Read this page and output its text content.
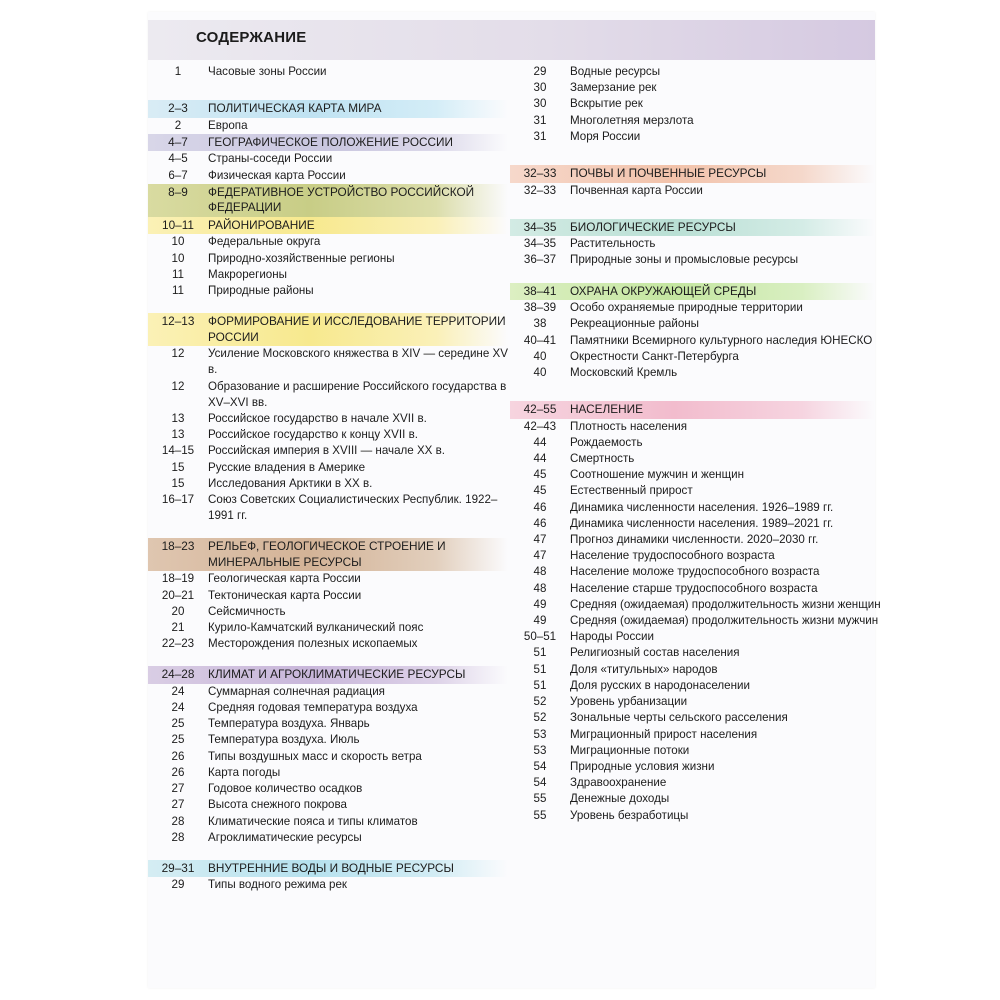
СОДЕРЖАНИЕ
1	Часовые зоны России
2–3	ПОЛИТИЧЕСКАЯ КАРТА МИРА
2	Европа
4–7	ГЕОГРАФИЧЕСКОЕ ПОЛОЖЕНИЕ РОССИИ
4–5	Страны-соседи России
6–7	Физическая карта России
8–9	ФЕДЕРАТИВНОЕ УСТРОЙСТВО РОССИЙСКОЙ ФЕДЕРАЦИИ
10–11	РАЙОНИРОВАНИЕ
10	Федеральные округа
10	Природно-хозяйственные регионы
11	Макрорегионы
11	Природные районы
12–13	ФОРМИРОВАНИЕ И ИССЛЕДОВАНИЕ ТЕРРИТОРИИ РОССИИ
12	Усиление Московского княжества в XIV — середине XV в.
12	Образование и расширение Российского государства в XV–XVI вв.
13	Российское государство в начале XVII в.
13	Российское государство к концу XVII в.
14–15	Российская империя в XVIII — начале XX в.
15	Русские владения в Америке
15	Исследования Арктики в XX в.
16–17	Союз Советских Социалистических Республик. 1922–1991 гг.
18–23	РЕЛЬЕФ, ГЕОЛОГИЧЕСКОЕ СТРОЕНИЕ И МИНЕРАЛЬНЫЕ РЕСУРСЫ
18–19	Геологическая карта России
20–21	Тектоническая карта России
20	Сейсмичность
21	Курило-Камчатский вулканический пояс
22–23	Месторождения полезных ископаемых
24–28	КЛИМАТ И АГРОКЛИМАТИЧЕСКИЕ РЕСУРСЫ
24	Суммарная солнечная радиация
24	Средняя годовая температура воздуха
25	Температура воздуха. Январь
25	Температура воздуха. Июль
26	Типы воздушных масс и скорость ветра
26	Карта погоды
27	Годовое количество осадков
27	Высота снежного покрова
28	Климатические пояса и типы климатов
28	Агроклиматические ресурсы
29–31	ВНУТРЕННИЕ ВОДЫ И ВОДНЫЕ РЕСУРСЫ
29	Типы водного режима рек
29	Водные ресурсы
30	Замерзание рек
30	Вскрытие рек
31	Многолетняя мерзлота
31	Моря России
32–33	ПОЧВЫ И ПОЧВЕННЫЕ РЕСУРСЫ
32–33	Почвенная карта России
34–35	БИОЛОГИЧЕСКИЕ РЕСУРСЫ
34–35	Растительность
36–37	Природные зоны и промысловые ресурсы
38–41	ОХРАНА ОКРУЖАЮЩЕЙ СРЕДЫ
38–39	Особо охраняемые природные территории
38	Рекреационные районы
40–41	Памятники Всемирного культурного наследия ЮНЕСКО
40	Окрестности Санкт-Петербурга
40	Московский Кремль
42–55	НАСЕЛЕНИЕ
42–43	Плотность населения
44	Рождаемость
44	Смертность
45	Соотношение мужчин и женщин
45	Естественный прирост
46	Динамика численности населения. 1926–1989 гг.
46	Динамика численности населения. 1989–2021 гг.
47	Прогноз динамики численности. 2020–2030 гг.
47	Население трудоспособного возраста
48	Население моложе трудоспособного возраста
48	Население старше трудоспособного возраста
49	Средняя (ожидаемая) продолжительность жизни женщин
49	Средняя (ожидаемая) продолжительность жизни мужчин
50–51	Народы России
51	Религиозный состав населения
51	Доля «титульных» народов
51	Доля русских в народонаселении
52	Уровень урбанизации
52	Зональные черты сельского расселения
53	Миграционный прирост населения
53	Миграционные потоки
54	Природные условия жизни
54	Здравоохранение
55	Денежные доходы
55	Уровень безработицы
